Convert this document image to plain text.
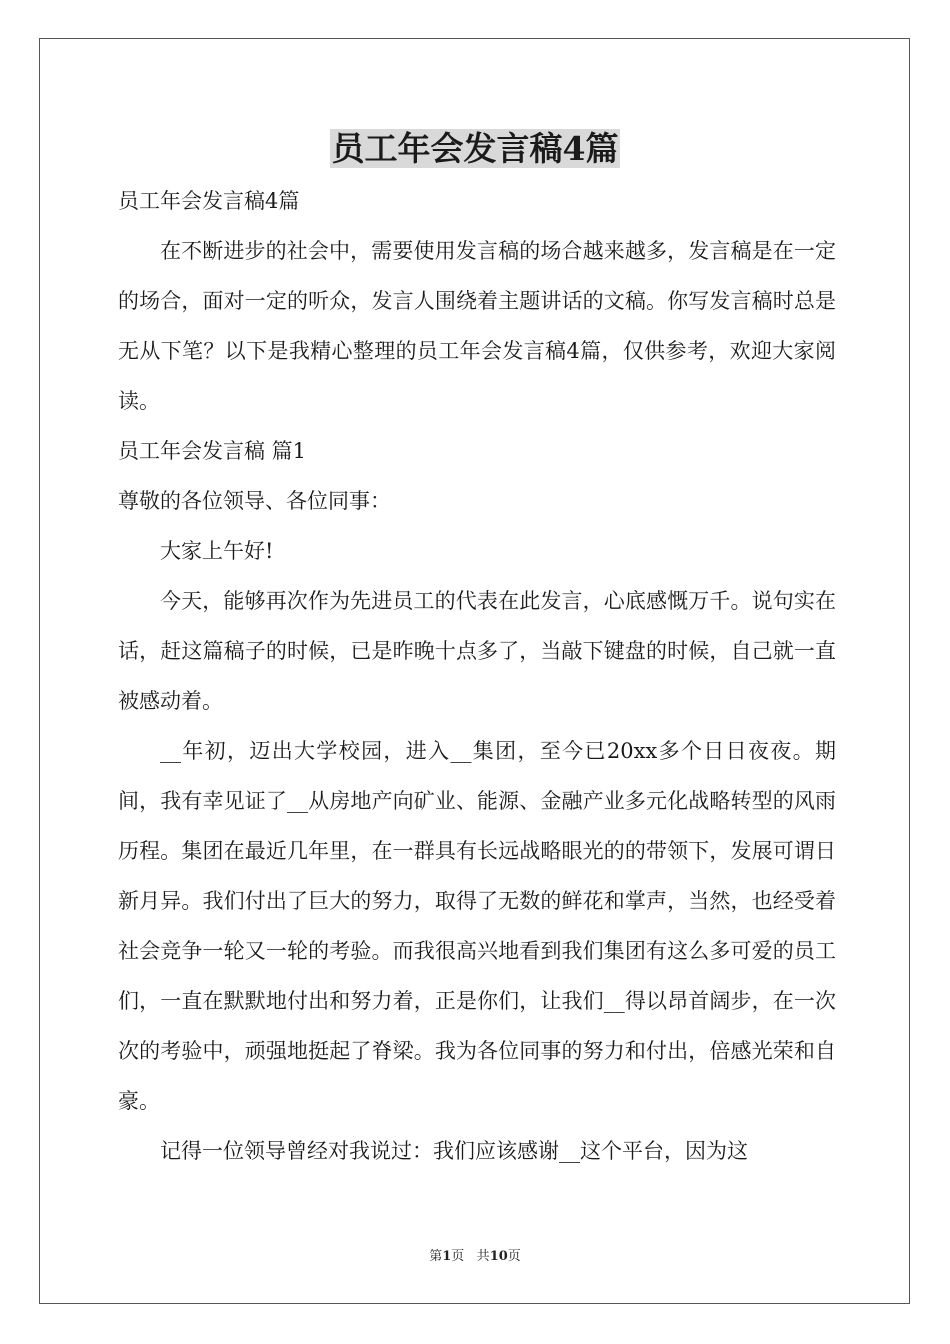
员工年会发言稿4篇

员工年会发言稿4篇

在不断进步的社会中，需要使用发言稿的场合越来越多，发言稿是在一定的场合，面对一定的听众，发言人围绕着主题讲话的文稿。你写发言稿时总是无从下笔？以下是我精心整理的员工年会发言稿4篇，仅供参考，欢迎大家阅读。

员工年会发言稿 篇1

尊敬的各位领导、各位同事：

大家上午好!

今天，能够再次作为先进员工的代表在此发言，心底感慨万千。说句实在话，赶这篇稿子的时候，已是昨晚十点多了，当敲下键盘的时候，自己就一直被感动着。

__年初，迈出大学校园，进入__集团，至今已20xx多个日日夜夜。期间，我有幸见证了__从房地产向矿业、能源、金融产业多元化战略转型的风雨历程。集团在最近几年里，在一群具有长远战略眼光的的带领下，发展可谓日新月异。我们付出了巨大的努力，取得了无数的鲜花和掌声，当然，也经受着社会竞争一轮又一轮的考验。而我很高兴地看到我们集团有这么多可爱的员工们，一直在默默地付出和努力着，正是你们，让我们__得以昂首阔步，在一次次的考验中，顽强地挺起了脊梁。我为各位同事的努力和付出，倍感光荣和自豪。

记得一位领导曾经对我说过：我们应该感谢__这个平台，因为这

第1页 共10页
